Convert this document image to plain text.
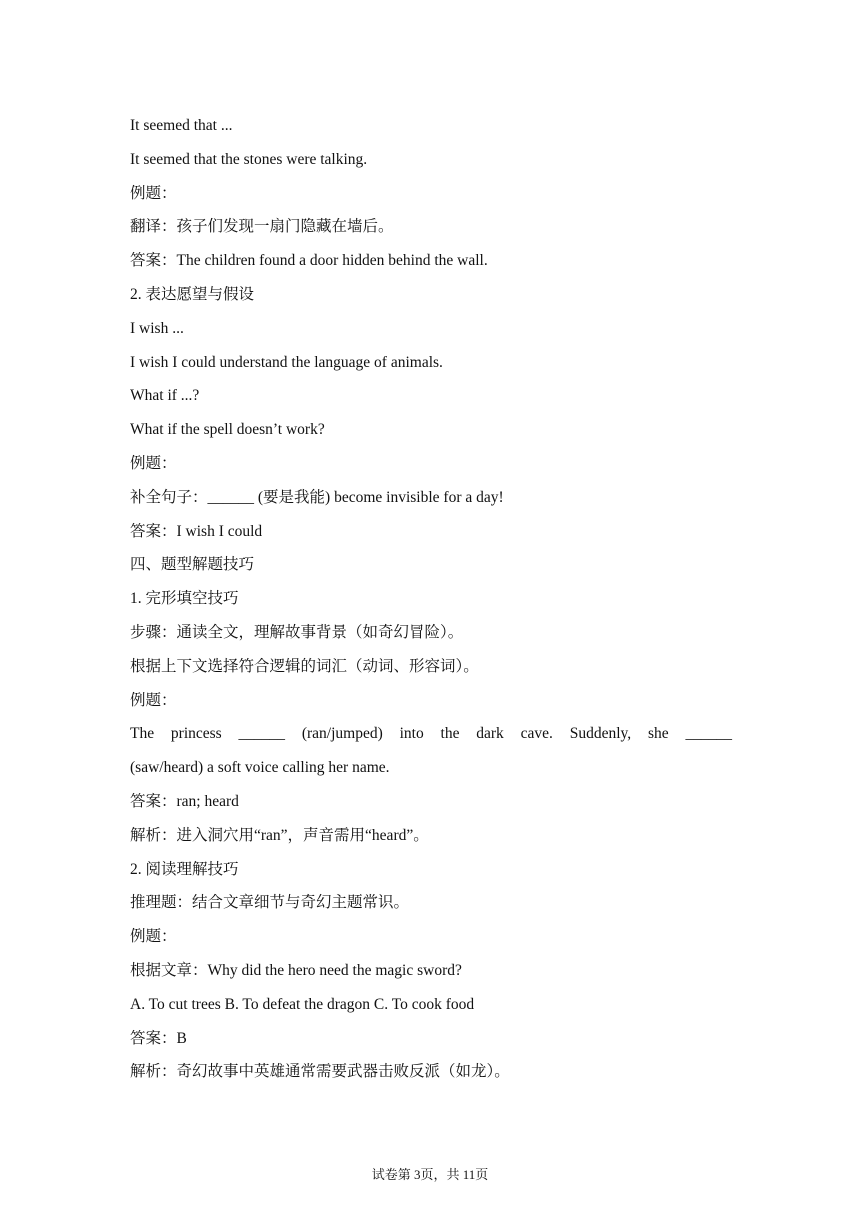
It seemed that ...
It seemed that the stones were talking.
例题：
翻译：孩子们发现一扇门隐藏在墙后。
答案：The children found a door hidden behind the wall.
2. 表达愿望与假设
I wish ...
I wish I could understand the language of animals.
What if ...?
What if the spell doesn’t work?
例题：
补全句子：______ (要是我能) become invisible for a day!
答案：I wish I could
四、题型解题技巧
1. 完形填空技巧
步骤：通读全文，理解故事背景（如奇幻冒险）。
根据上下文选择符合逻辑的词汇（动词、形容词）。
例题：
The princess ______ (ran/jumped) into the dark cave. Suddenly, she ______
(saw/heard) a soft voice calling her name.
答案：ran; heard
解析：进入洞穴用“ran”，声音需用“heard”。
2. 阅读理解技巧
推理题：结合文章细节与奇幻主题常识。
例题：
根据文章：Why did the hero need the magic sword?
A. To cut trees B. To defeat the dragon C. To cook food
答案：B
解析：奇幻故事中英雄通常需要武器击败反派（如龙）。
试卷第 3页，共 11页
